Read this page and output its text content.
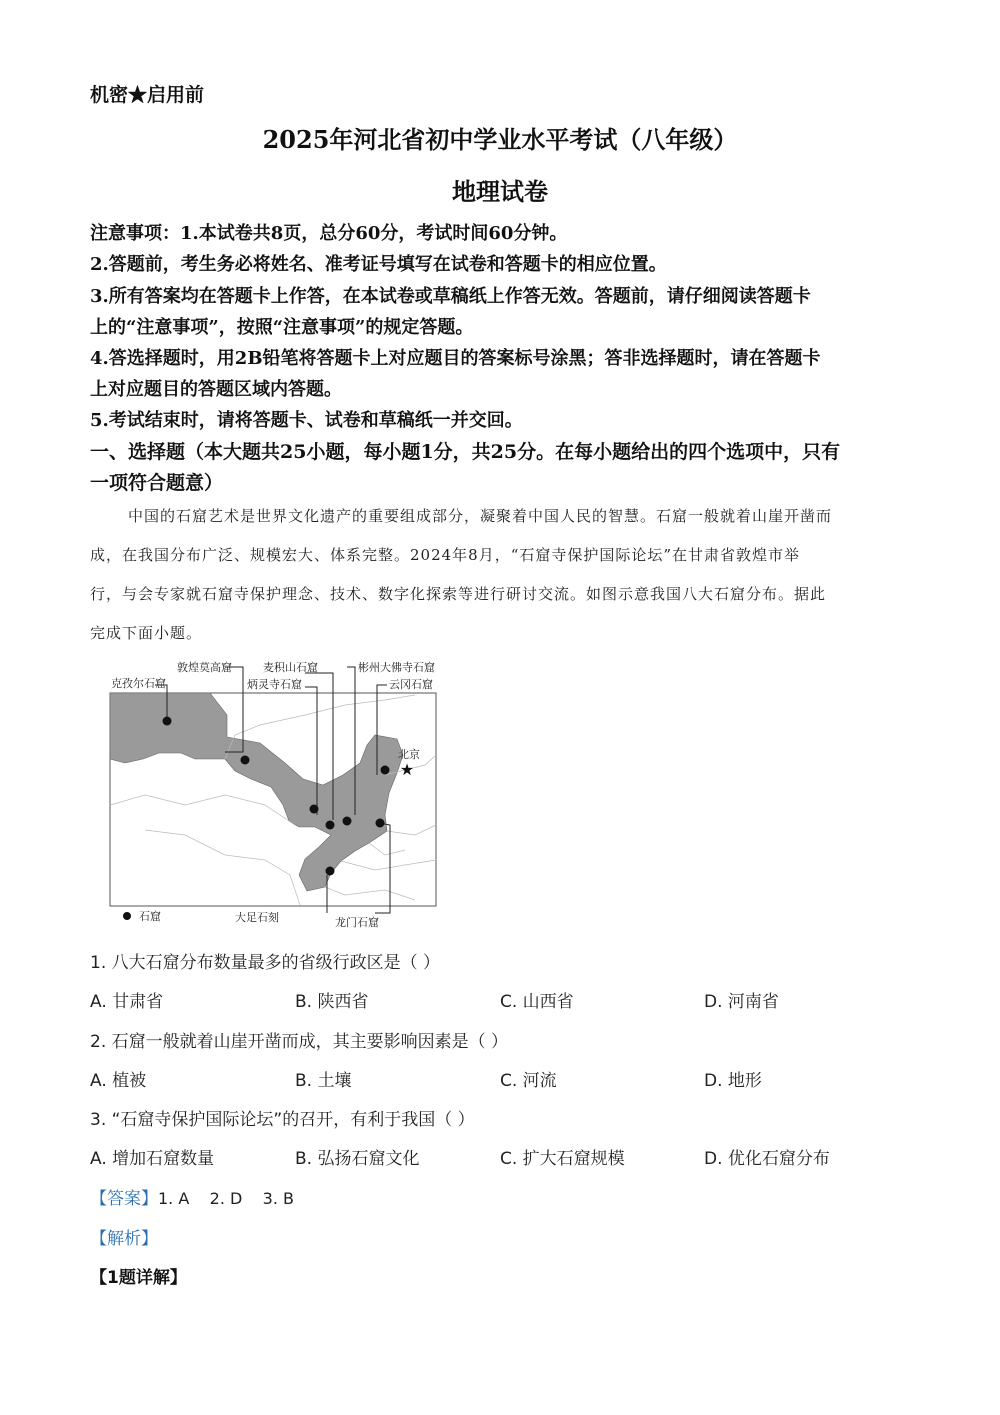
机密★启用前
2025年河北省初中学业水平考试（八年级）
地理试卷
注意事项：1.本试卷共8页，总分60分，考试时间60分钟。
2.答题前，考生务必将姓名、准考证号填写在试卷和答题卡的相应位置。
3.所有答案均在答题卡上作答，在本试卷或草稿纸上作答无效。答题前，请仔细阅读答题卡
上的“注意事项”，按照“注意事项”的规定答题。
4.答选择题时，用2B铅笔将答题卡上对应题目的答案标号涂黑；答非选择题时，请在答题卡
上对应题目的答题区域内答题。
5.考试结束时，请将答题卡、试卷和草稿纸一并交回。
一、选择题（本大题共25小题，每小题1分，共25分。在每小题给出的四个选项中，只有
一项符合题意）
中国的石窟艺术是世界文化遗产的重要组成部分，凝聚着中国人民的智慧。石窟一般就着山崖开凿而
成，在我国分布广泛、规模宏大、体系完整。2024年8月，“石窟寺保护国际论坛”在甘肃省敦煌市举
行，与会专家就石窟寺保护理念、技术、数字化探索等进行研讨交流。如图示意我国八大石窟分布。据此
完成下面小题。
★
克孜尔石窟
敦煌莫高窟	麦积山石窟
炳灵寺石窟
彬州大佛寺石窟
云冈石窟
北京
大足石刻	龙门石窟
石窟
1. 八大石窟分布数量最多的省级行政区是（ ）
A. 甘肃省	B. 陕西省	C. 山西省	D. 河南省
2. 石窟一般就着山崖开凿而成，其主要影响因素是（ ）
A. 植被	B. 土壤	C. 河流	D. 地形
3. “石窟寺保护国际论坛”的召开，有利于我国（ ）
A. 增加石窟数量	B. 弘扬石窟文化	C. 扩大石窟规模	D. 优化石窟分布
【答案】1. A    2. D    3. B
【解析】
【1题详解】
